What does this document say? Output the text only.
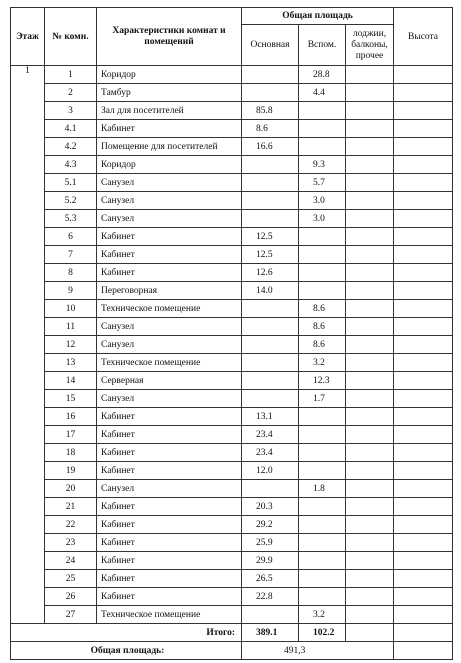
Этаж	№ комн.	Характеристики комнат и помещений	Общая площадь			Высота
			Основная	Вспом.	лоджии, балконы, прочее	
1	1	Коридор		28.8		
	2	Тамбур		4.4		
	3	Зал для посетителей	85.8			
	4.1	Кабинет	8.6			
	4.2	Помещение для посетителей	16.6			
	4.3	Коридор		9.3		
	5.1	Санузел		5.7		
	5.2	Санузел		3.0		
	5.3	Санузел		3.0		
	6	Кабинет	12.5			
	7	Кабинет	12.5			
	8	Кабинет	12.6			
	9	Переговорная	14.0			
	10	Техническое помещение		8.6		
	11	Санузел		8.6		
	12	Санузел		8.6		
	13	Техническое помещение		3.2		
	14	Серверная		12.3		
	15	Санузел		1.7		
	16	Кабинет	13.1			
	17	Кабинет	23.4			
	18	Кабинет	23.4			
	19	Кабинет	12.0			
	20	Санузел		1.8		
	21	Кабинет	20.3			
	22	Кабинет	29.2			
	23	Кабинет	25.9			
	24	Кабинет	29.9			
	25	Кабинет	26.5			
	26	Кабинет	22.8			
	27	Техническое помещение		3.2		
Итого:			389.1	102.2		
Общая площадь:			491,3			
